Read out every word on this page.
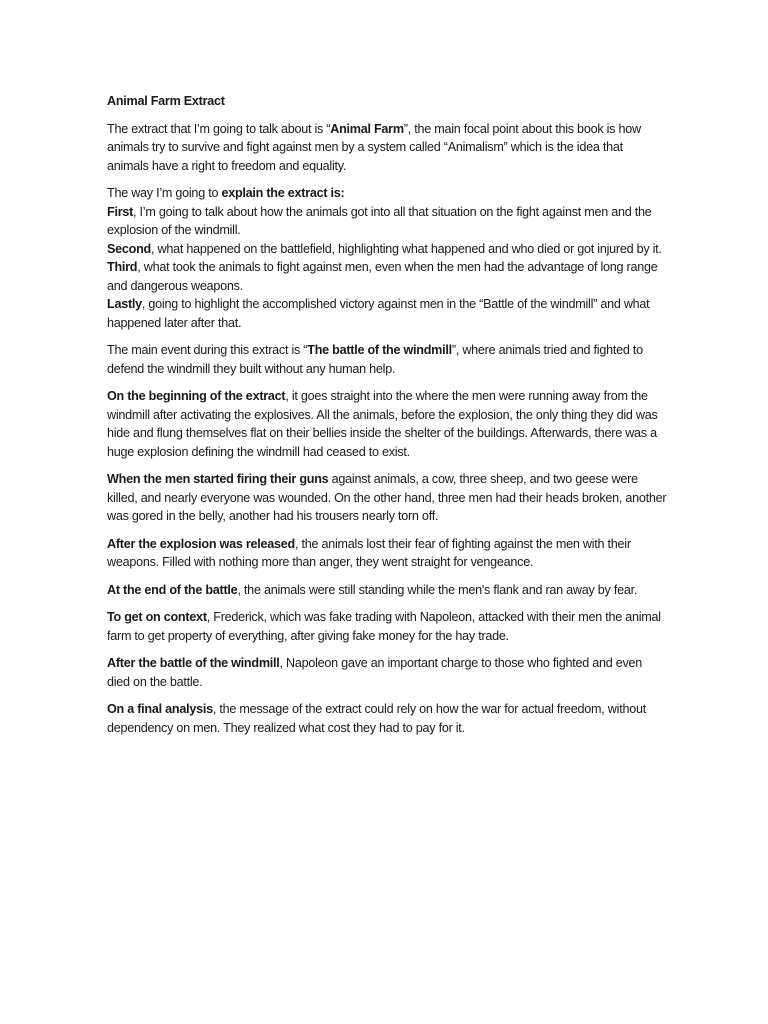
Animal Farm Extract
The extract that I’m going to talk about is “Animal Farm”, the main focal point about this book is how animals try to survive and fight against men by a system called “Animalism” which is the idea that animals have a right to freedom and equality.
The way I’m going to explain the extract is:
First, I’m going to talk about how the animals got into all that situation on the fight against men and the explosion of the windmill.
Second, what happened on the battlefield, highlighting what happened and who died or got injured by it.
Third, what took the animals to fight against men, even when the men had the advantage of long range and dangerous weapons.
Lastly, going to highlight the accomplished victory against men in the “Battle of the windmill” and what happened later after that.
The main event during this extract is “The battle of the windmill”, where animals tried and fighted to defend the windmill they built without any human help.
On the beginning of the extract, it goes straight into the where the men were running away from the windmill after activating the explosives. All the animals, before the explosion, the only thing they did was hide and flung themselves flat on their bellies inside the shelter of the buildings. Afterwards, there was a huge explosion defining the windmill had ceased to exist.
When the men started firing their guns against animals, a cow, three sheep, and two geese were killed, and nearly everyone was wounded. On the other hand, three men had their heads broken, another was gored in the belly, another had his trousers nearly torn off.
After the explosion was released, the animals lost their fear of fighting against the men with their weapons. Filled with nothing more than anger, they went straight for vengeance.
At the end of the battle, the animals were still standing while the men's flank and ran away by fear.
To get on context, Frederick, which was fake trading with Napoleon, attacked with their men the animal farm to get property of everything, after giving fake money for the hay trade.
After the battle of the windmill, Napoleon gave an important charge to those who fighted and even died on the battle.
On a final analysis, the message of the extract could rely on how the war for actual freedom, without dependency on men. They realized what cost they had to pay for it.
